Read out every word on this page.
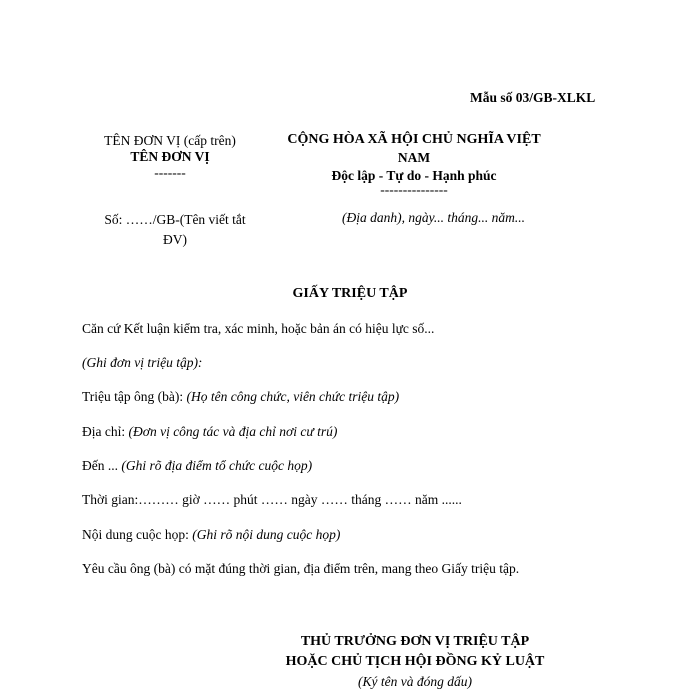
Mẫu số 03/GB-XLKL
TÊN ĐƠN VỊ (cấp trên)
TÊN ĐƠN VỊ
-------
CỘNG HÒA XÃ HỘI CHỦ NGHĨA VIỆT
NAM
Độc lập - Tự do - Hạnh phúc
---------------
Số: ……/GB-(Tên viết tắt
ĐV)
(Địa danh), ngày... tháng... năm...
GIẤY TRIỆU TẬP
Căn cứ Kết luận kiểm tra, xác minh, hoặc bản án có hiệu lực số...
(Ghi đơn vị triệu tập):
Triệu tập ông (bà): (Họ tên công chức, viên chức triệu tập)
Địa chỉ: (Đơn vị công tác và địa chỉ nơi cư trú)
Đến ... (Ghi rõ địa điểm tổ chức cuộc họp)
Thời gian:……… giờ …… phút …… ngày …… tháng …… năm ......
Nội dung cuộc họp: (Ghi rõ nội dung cuộc họp)
Yêu cầu ông (bà) có mặt đúng thời gian, địa điểm trên, mang theo Giấy triệu tập.
THỦ TRƯỞNG ĐƠN VỊ TRIỆU TẬP
HOẶC CHỦ TỊCH HỘI ĐỒNG KỶ LUẬT
(Ký tên và đóng dấu)
